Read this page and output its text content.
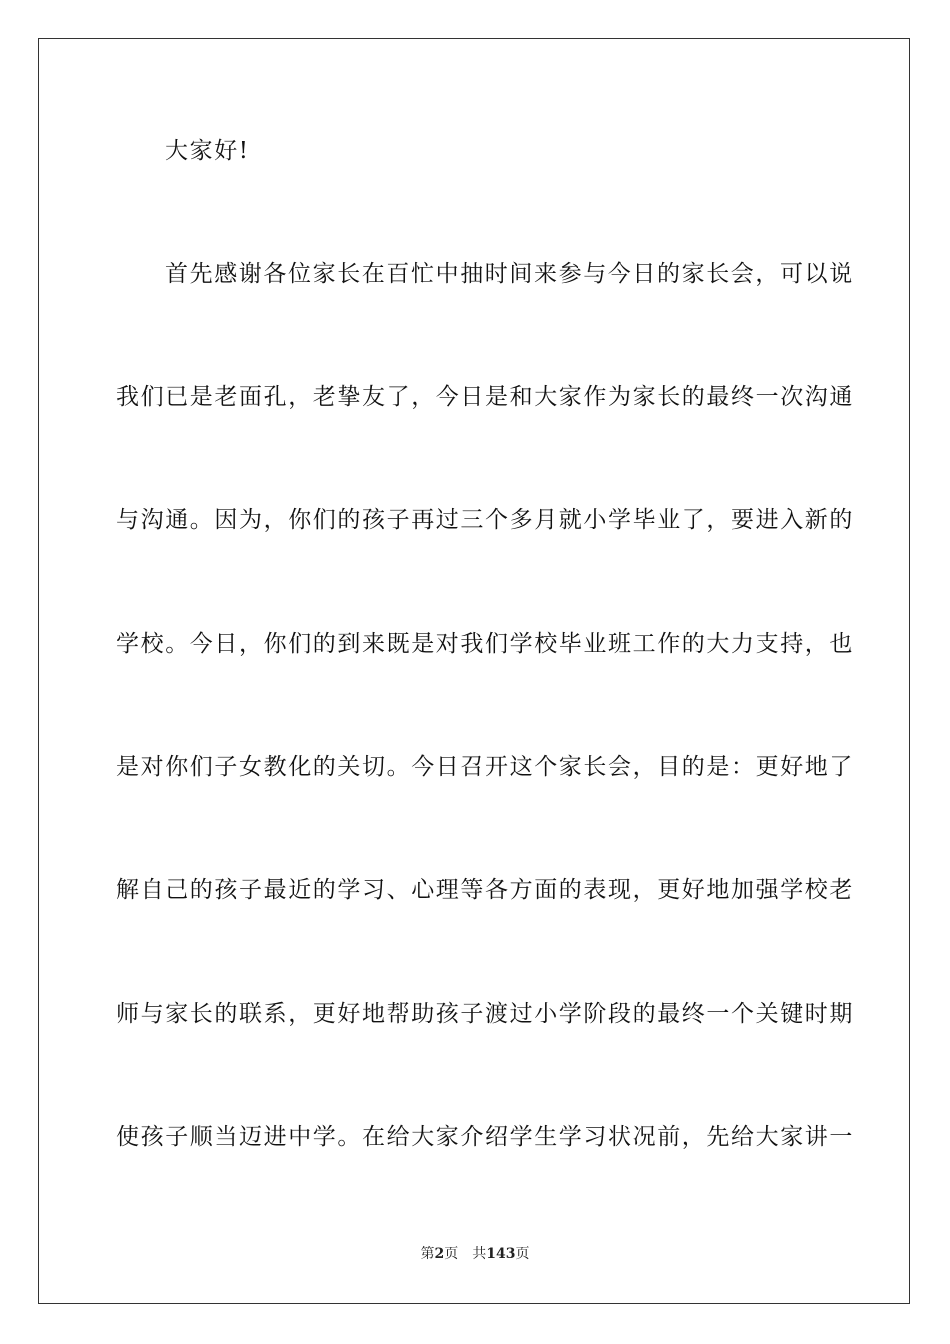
大家好!
首先感谢各位家长在百忙中抽时间来参与今日的家长会，可以说
我们已是老面孔，老挚友了，今日是和大家作为家长的最终一次沟通
与沟通。因为，你们的孩子再过三个多月就小学毕业了，要进入新的
学校。今日，你们的到来既是对我们学校毕业班工作的大力支持，也
是对你们子女教化的关切。今日召开这个家长会，目的是：更好地了
解自己的孩子最近的学习、心理等各方面的表现，更好地加强学校老
师与家长的联系，更好地帮助孩子渡过小学阶段的最终一个关键时期
使孩子顺当迈进中学。在给大家介绍学生学习状况前，先给大家讲一
第2页 共143页
